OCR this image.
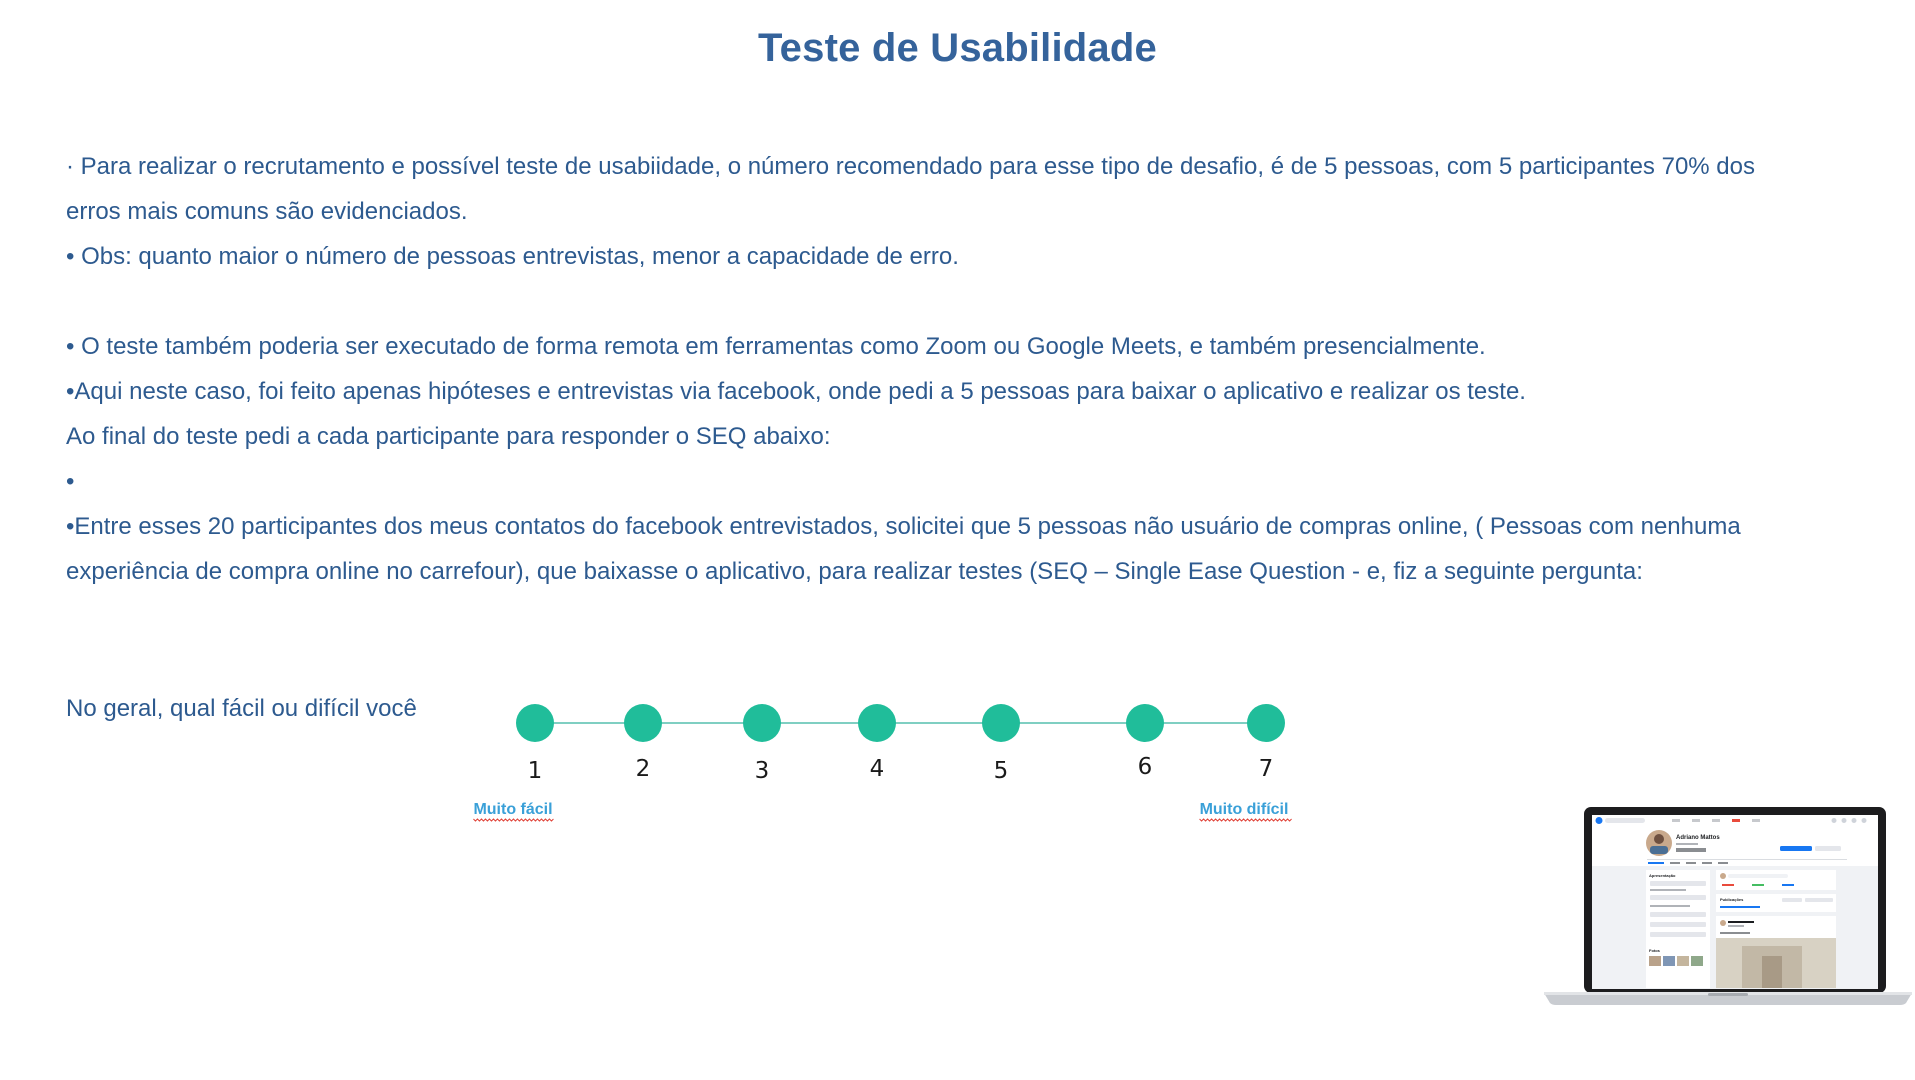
Teste de Usabilidade

· Para realizar o recrutamento e possível teste de usabiidade, o número recomendado para esse tipo de desafio, é de 5 pessoas, com 5 participantes 70% dos erros mais comuns são evidenciados.

• Obs: quanto maior o número de pessoas entrevistas, menor a capacidade de erro.

• O teste também poderia ser executado de forma remota em ferramentas como Zoom ou Google Meets, e também presencialmente.

•Aqui neste caso, foi feito apenas hipóteses e entrevistas via facebook, onde pedi a 5 pessoas para baixar o aplicativo e realizar os teste.

Ao final do teste pedi a cada participante para responder o SEQ abaixo:

•

•Entre esses 20 participantes dos meus contatos do facebook entrevistados, solicitei que 5 pessoas não usuário de compras online, ( Pessoas com nenhuma experiência de compra online no carrefour), que baixasse o aplicativo, para realizar testes (SEQ – Single Ease Question - e, fiz a seguinte pergunta:

No geral, qual fácil ou difícil você
1	2	3	4	5	6	7
Muito fácil	Muito difícil
Adriano Mattos
Apresentação
Fotos
Publicações
